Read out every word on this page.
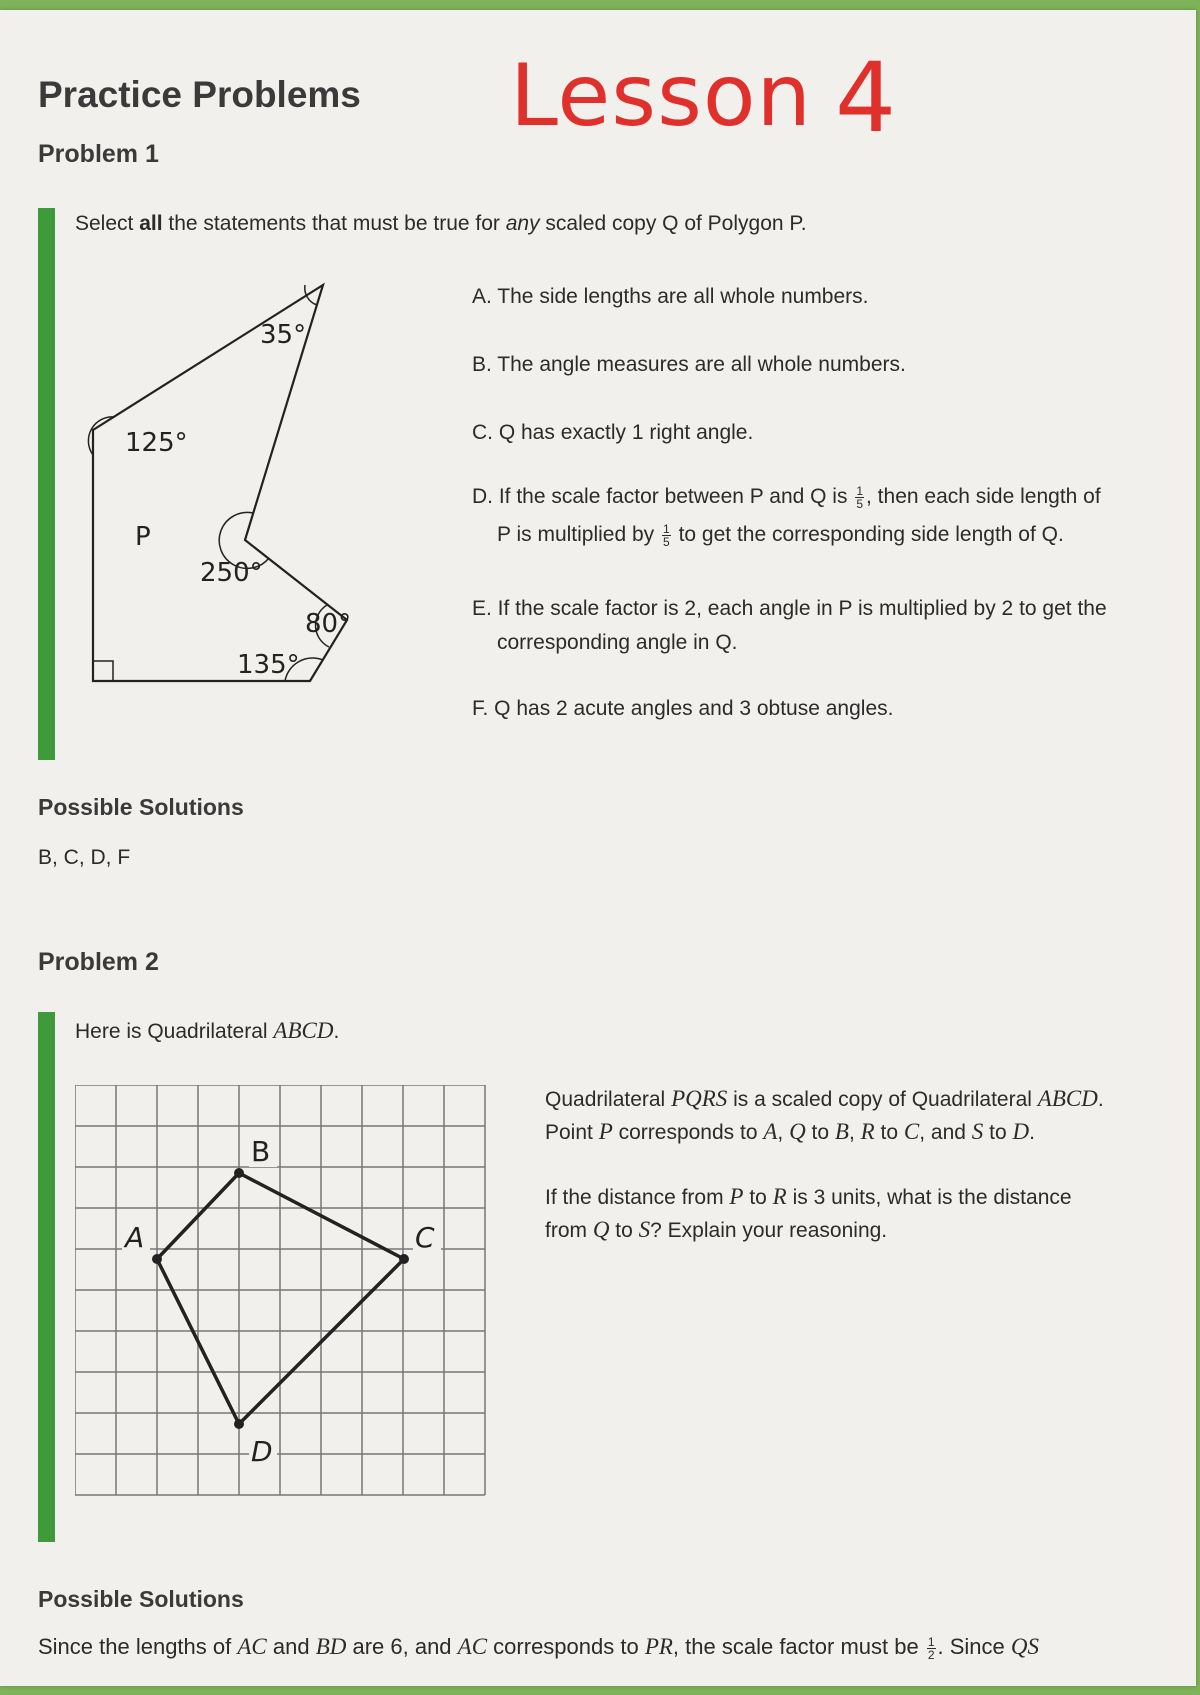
Practice Problems Lesson 4
Problem 1
Select all the statements that must be true for any scaled copy Q of Polygon P.
35°
125°
P
250°
80°
135°
A. The side lengths are all whole numbers.
B. The angle measures are all whole numbers.
C. Q has exactly 1 right angle.
D. If the scale factor between P and Q is $\frac{1}{5}$ , then each side length of
P is multiplied by $\frac{1}{5}$ to get the corresponding side length of Q.
E. If the scale factor is 2, each angle in P is multiplied by 2 to get the
corresponding angle in Q.
F. Q has 2 acute angles and 3 obtuse angles.
Possible Solutions
B, C, D, F
Problem 2
Here is Quadrilateral ABCD.
A
B
C
D
Quadrilateral PQRS is a scaled copy of Quadrilateral ABCD.
Point P corresponds to A, Q to B, R to C, and S to D.
If the distance from P to R is 3 units, what is the distance
from Q to S? Explain your reasoning.
Possible Solutions
Since the lengths of AC and BD are 6, and AC corresponds to PR, the scale factor must be $\frac{1}{2}$ . Since QS
